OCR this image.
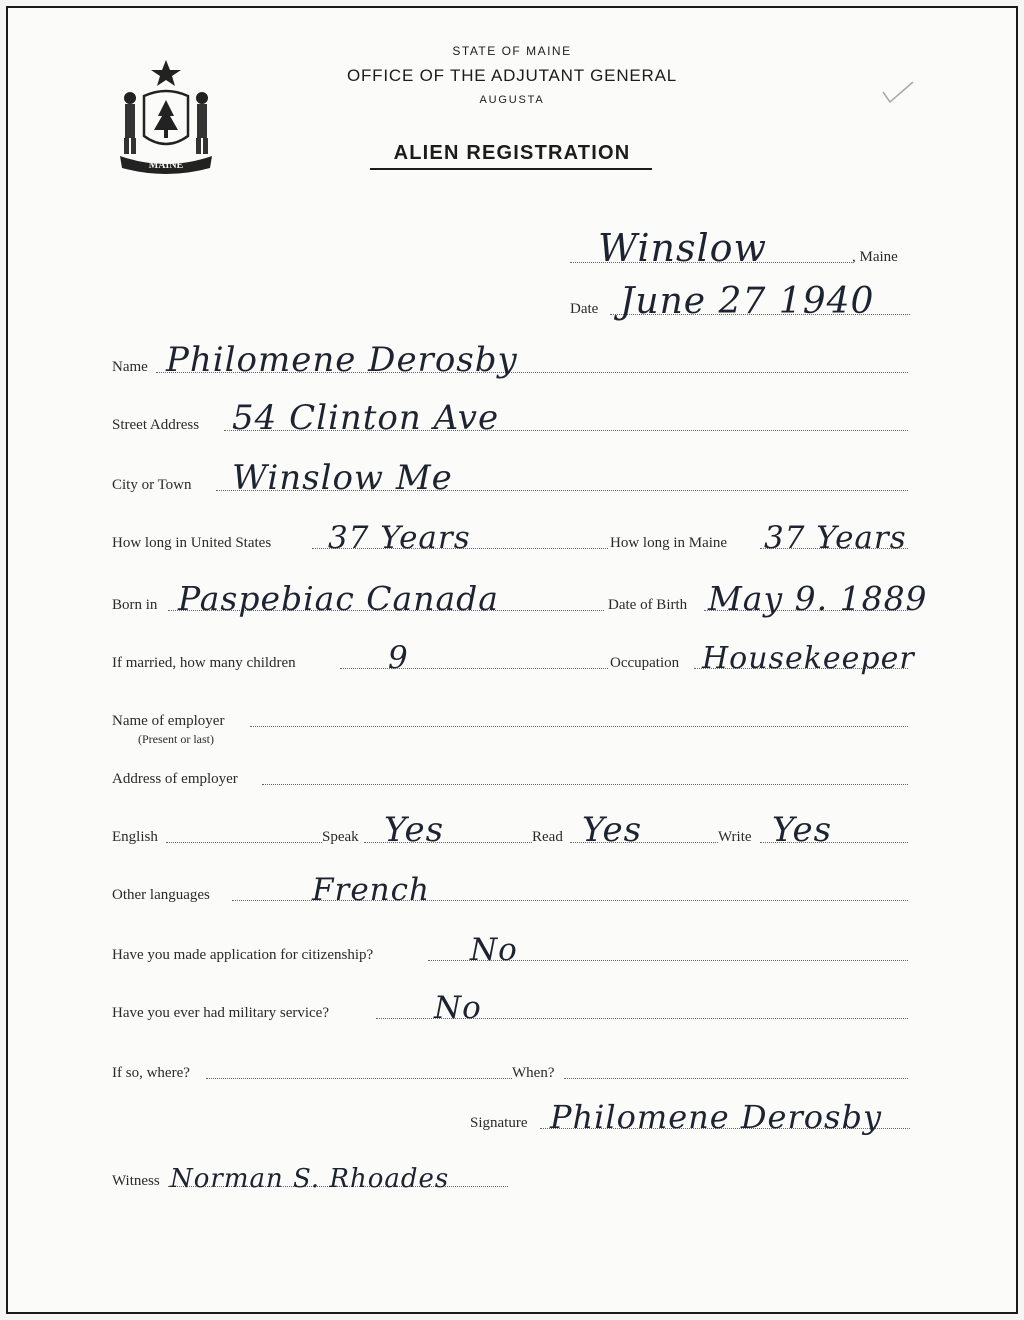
MAINE
STATE OF MAINE
OFFICE OF THE ADJUTANT GENERAL
AUGUSTA
ALIEN REGISTRATION
Winslow	, Maine
Date June 27 1940
Name Philomene Derosby
Street Address 54 Clinton Ave
City or Town Winslow Me
How long in United States 37 Years	How long in Maine 37 Years
Born in Paspebiac Canada	Date of Birth May 9. 1889
If married, how many children	9	Occupation Housekeeper
Name of employer
(Present or last)
Address of employer
English	Speak Yes	Read Yes	Write Yes
Other languages	French
Have you made application for citizenship?	No
Have you ever had military service?	No
If so, where?	When?
Signature Philomene Derosby
Witness Norman S. Rhoades
